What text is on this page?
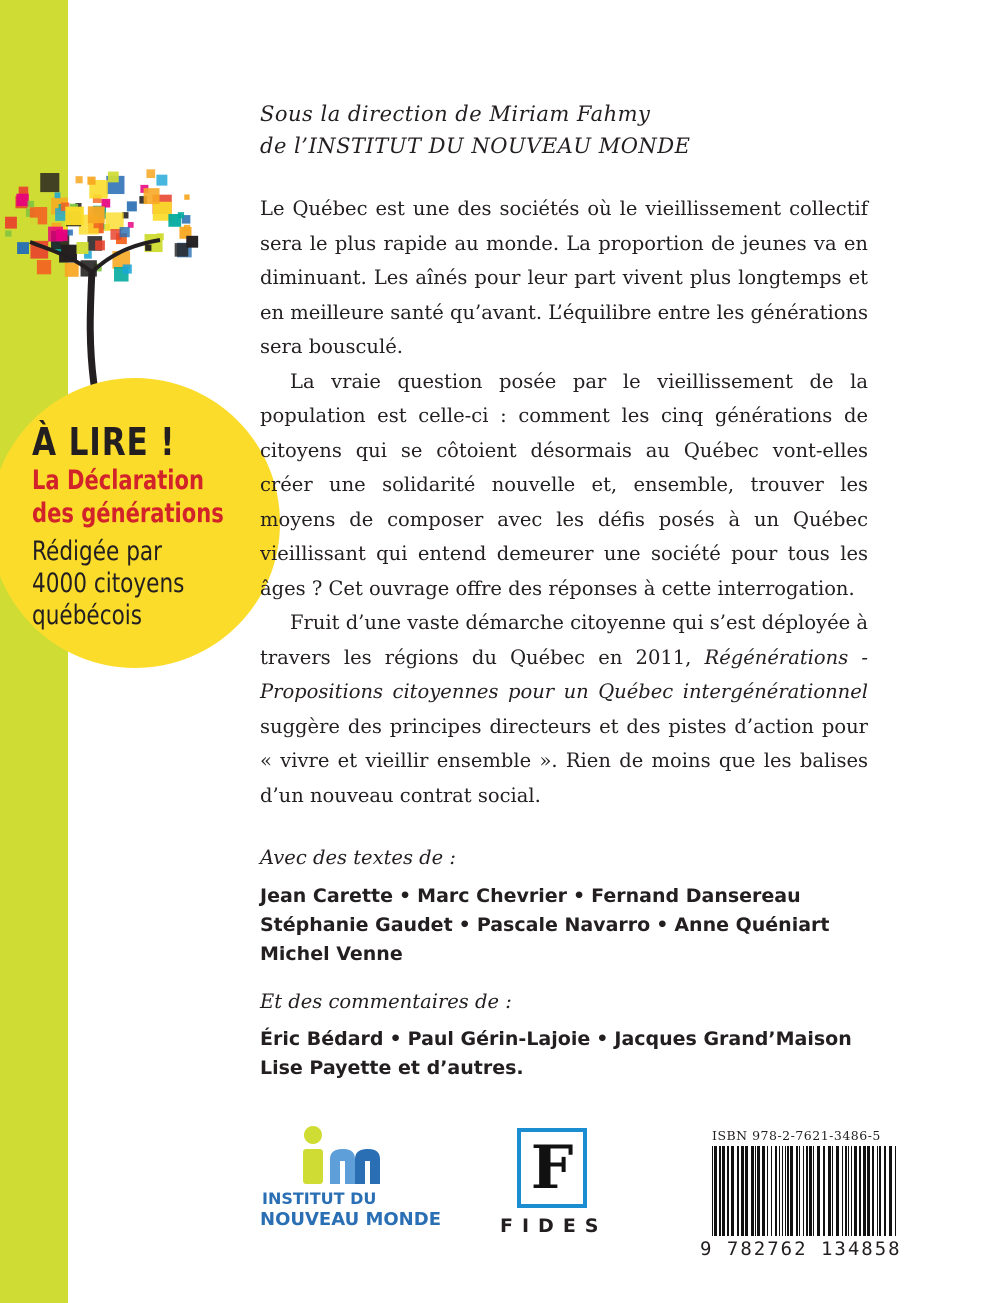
À LIRE !
La Déclaration
des générations
Rédigée par
4000 citoyens
québécois
Sous la direction de Miriam Fahmy
de l’INSTITUT DU NOUVEAU MONDE

Le Québec est une des sociétés où le vieillissement collectif sera le plus rapide au monde. La proportion de jeunes va en diminuant. Les aînés pour leur part vivent plus longtemps et en meilleure santé qu’avant. L’équilibre entre les générations sera bousculé.

La vraie question posée par le vieillissement de la population est celle-ci : comment les cinq générations de citoyens qui se côtoient désormais au Québec vont-elles créer une solidarité nouvelle et, ensemble, trouver les moyens de composer avec les défis posés à un Québec vieillissant qui entend demeurer une société pour tous les âges ? Cet ouvrage offre des réponses à cette interrogation.

Fruit d’une vaste démarche citoyenne qui s’est déployée à travers les régions du Québec en 2011, Régénérations - Propositions citoyennes pour un Québec intergénérationnel suggère des principes directeurs et des pistes d’action pour « vivre et vieillir ensemble ». Rien de moins que les balises d’un nouveau contrat social.

Avec des textes de :
Jean Carette • Marc Chevrier • Fernand Dansereau
Stéphanie Gaudet • Pascale Navarro • Anne Quéniart
Michel Venne
Et des commentaires de :
Éric Bédard • Paul Gérin-Lajoie • Jacques Grand’Maison
Lise Payette et d’autres.
INSTITUT DU
NOUVEAU MONDE
F
FIDES
ISBN 978-2-7621-3486-5
9 782762 134858
